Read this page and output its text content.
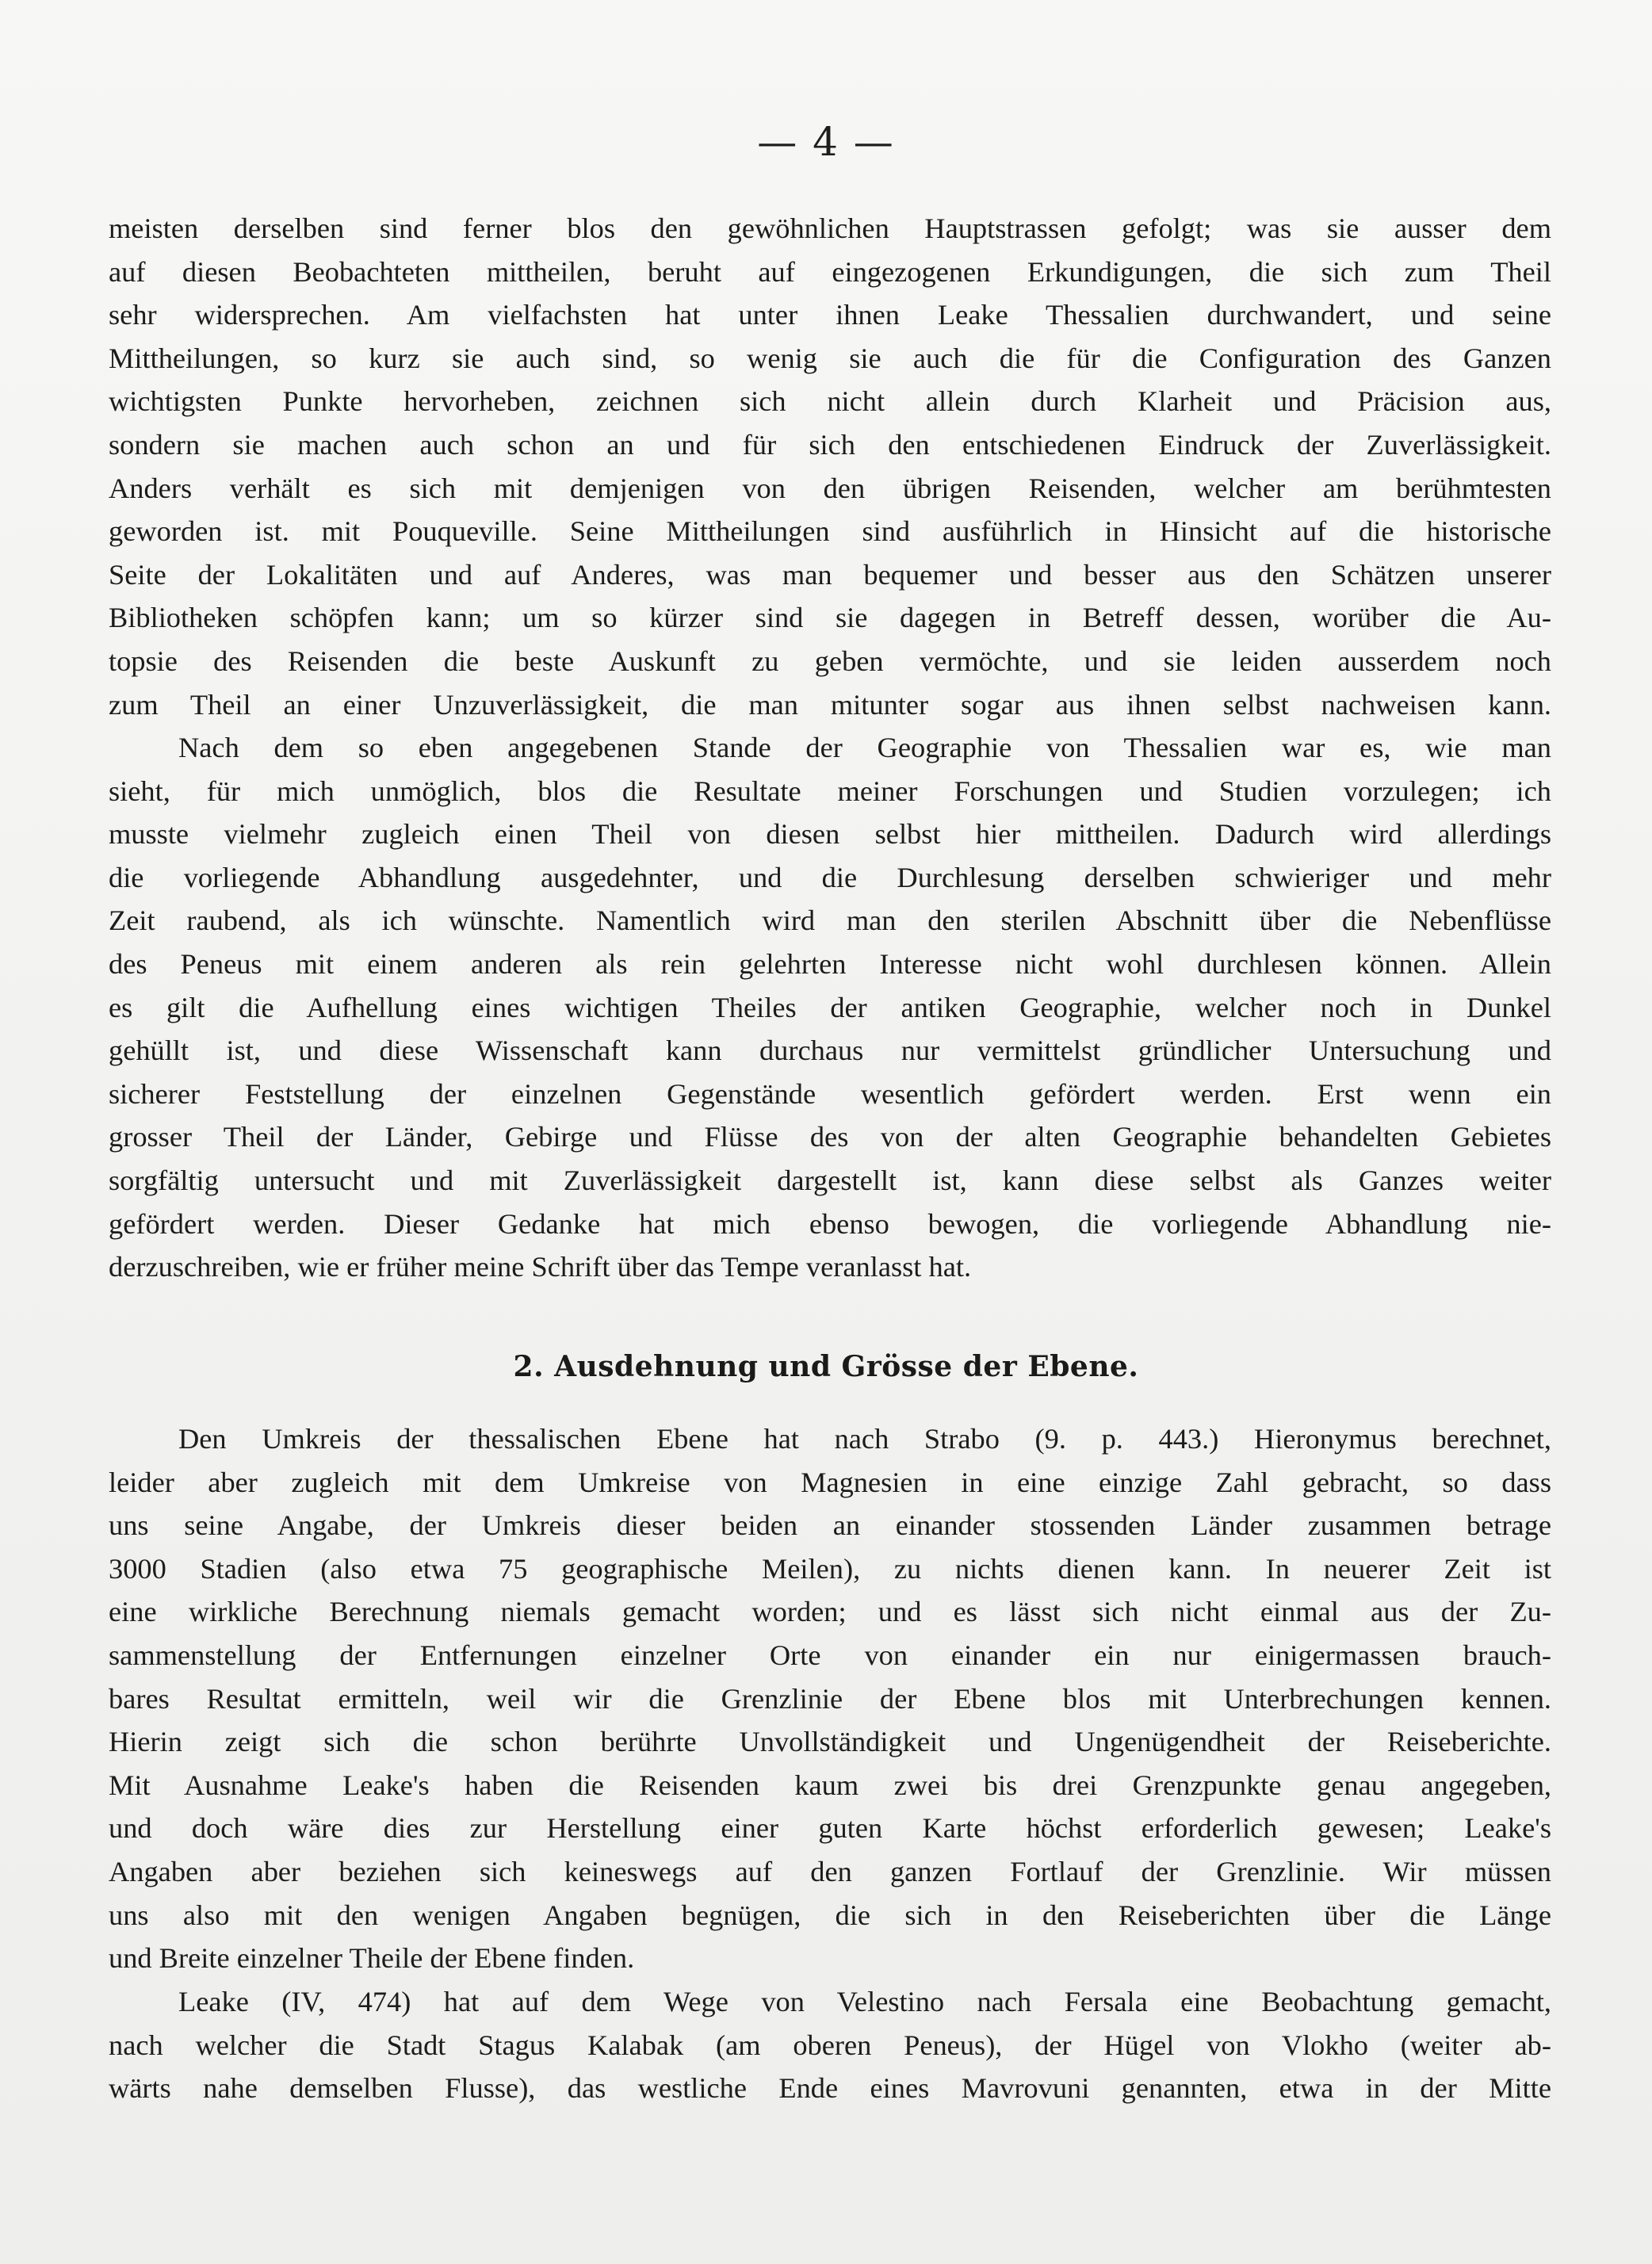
— 4 —
meisten derselben sind ferner blos den gewöhnlichen Hauptstrassen gefolgt; was sie ausser dem
auf diesen Beobachteten mittheilen, beruht auf eingezogenen Erkundigungen, die sich zum Theil
sehr widersprechen. Am vielfachsten hat unter ihnen Leake Thessalien durchwandert, und seine
Mittheilungen, so kurz sie auch sind, so wenig sie auch die für die Configuration des Ganzen
wichtigsten Punkte hervorheben, zeichnen sich nicht allein durch Klarheit und Präcision aus,
sondern sie machen auch schon an und für sich den entschiedenen Eindruck der Zuverlässigkeit.
Anders verhält es sich mit demjenigen von den übrigen Reisenden, welcher am berühmtesten
geworden ist. mit Pouqueville. Seine Mittheilungen sind ausführlich in Hinsicht auf die historische
Seite der Lokalitäten und auf Anderes, was man bequemer und besser aus den Schätzen unserer
Bibliotheken schöpfen kann; um so kürzer sind sie dagegen in Betreff dessen, worüber die Au-
topsie des Reisenden die beste Auskunft zu geben vermöchte, und sie leiden ausserdem noch
zum Theil an einer Unzuverlässigkeit, die man mitunter sogar aus ihnen selbst nachweisen kann.
Nach dem so eben angegebenen Stande der Geographie von Thessalien war es, wie man
sieht, für mich unmöglich, blos die Resultate meiner Forschungen und Studien vorzulegen; ich
musste vielmehr zugleich einen Theil von diesen selbst hier mittheilen. Dadurch wird allerdings
die vorliegende Abhandlung ausgedehnter, und die Durchlesung derselben schwieriger und mehr
Zeit raubend, als ich wünschte. Namentlich wird man den sterilen Abschnitt über die Nebenflüsse
des Peneus mit einem anderen als rein gelehrten Interesse nicht wohl durchlesen können. Allein
es gilt die Aufhellung eines wichtigen Theiles der antiken Geographie, welcher noch in Dunkel
gehüllt ist, und diese Wissenschaft kann durchaus nur vermittelst gründlicher Untersuchung und
sicherer Feststellung der einzelnen Gegenstände wesentlich gefördert werden. Erst wenn ein
grosser Theil der Länder, Gebirge und Flüsse des von der alten Geographie behandelten Gebietes
sorgfältig untersucht und mit Zuverlässigkeit dargestellt ist, kann diese selbst als Ganzes weiter
gefördert werden. Dieser Gedanke hat mich ebenso bewogen, die vorliegende Abhandlung nie-
derzuschreiben, wie er früher meine Schrift über das Tempe veranlasst hat.
2. Ausdehnung und Grösse der Ebene.
Den Umkreis der thessalischen Ebene hat nach Strabo (9. p. 443.) Hieronymus berechnet,
leider aber zugleich mit dem Umkreise von Magnesien in eine einzige Zahl gebracht, so dass
uns seine Angabe, der Umkreis dieser beiden an einander stossenden Länder zusammen betrage
3000 Stadien (also etwa 75 geographische Meilen), zu nichts dienen kann. In neuerer Zeit ist
eine wirkliche Berechnung niemals gemacht worden; und es lässt sich nicht einmal aus der Zu-
sammenstellung der Entfernungen einzelner Orte von einander ein nur einigermassen brauch-
bares Resultat ermitteln, weil wir die Grenzlinie der Ebene blos mit Unterbrechungen kennen.
Hierin zeigt sich die schon berührte Unvollständigkeit und Ungenügendheit der Reiseberichte.
Mit Ausnahme Leake's haben die Reisenden kaum zwei bis drei Grenzpunkte genau angegeben,
und doch wäre dies zur Herstellung einer guten Karte höchst erforderlich gewesen; Leake's
Angaben aber beziehen sich keineswegs auf den ganzen Fortlauf der Grenzlinie. Wir müssen
uns also mit den wenigen Angaben begnügen, die sich in den Reiseberichten über die Länge
und Breite einzelner Theile der Ebene finden.
Leake (IV, 474) hat auf dem Wege von Velestino nach Fersala eine Beobachtung gemacht,
nach welcher die Stadt Stagus Kalabak (am oberen Peneus), der Hügel von Vlokho (weiter ab-
wärts nahe demselben Flusse), das westliche Ende eines Mavrovuni genannten, etwa in der Mitte
